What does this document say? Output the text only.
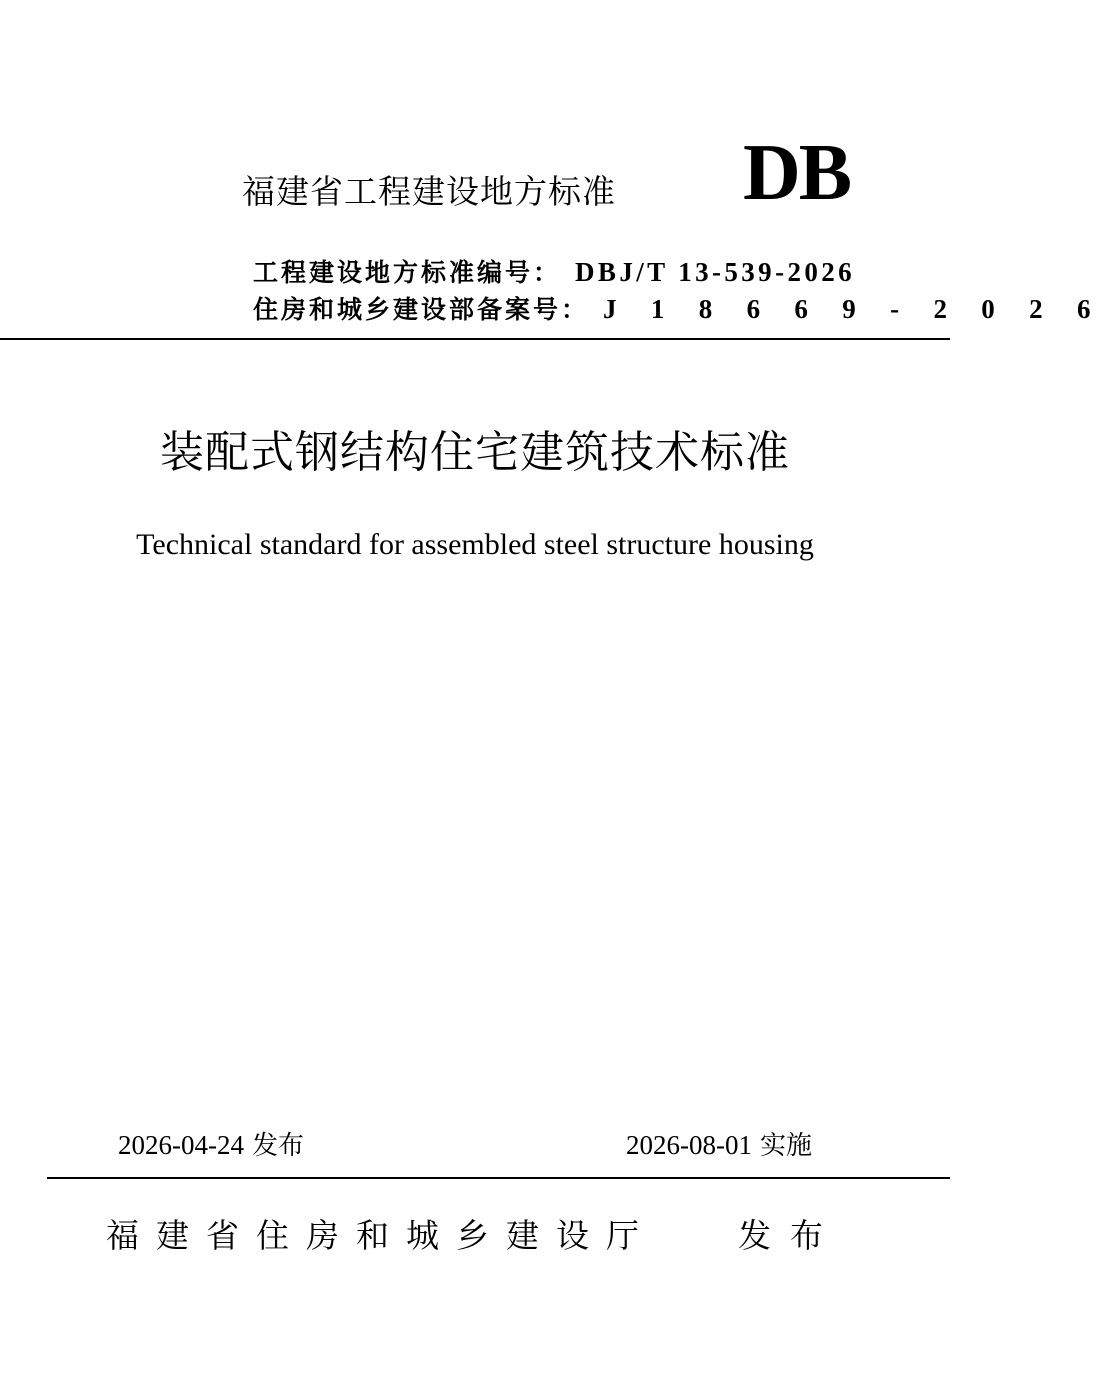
福建省工程建设地方标准 DB
工程建设地方标准编号： DBJ/T 13-539-2026
住房和城乡建设部备案号： J 1 8 6 6 9 - 2 0 2 6
装配式钢结构住宅建筑技术标准
Technical standard for assembled steel structure housing
2026-04-24 发布	2026-08-01 实施
福建省住房和城乡建设厅 发布
